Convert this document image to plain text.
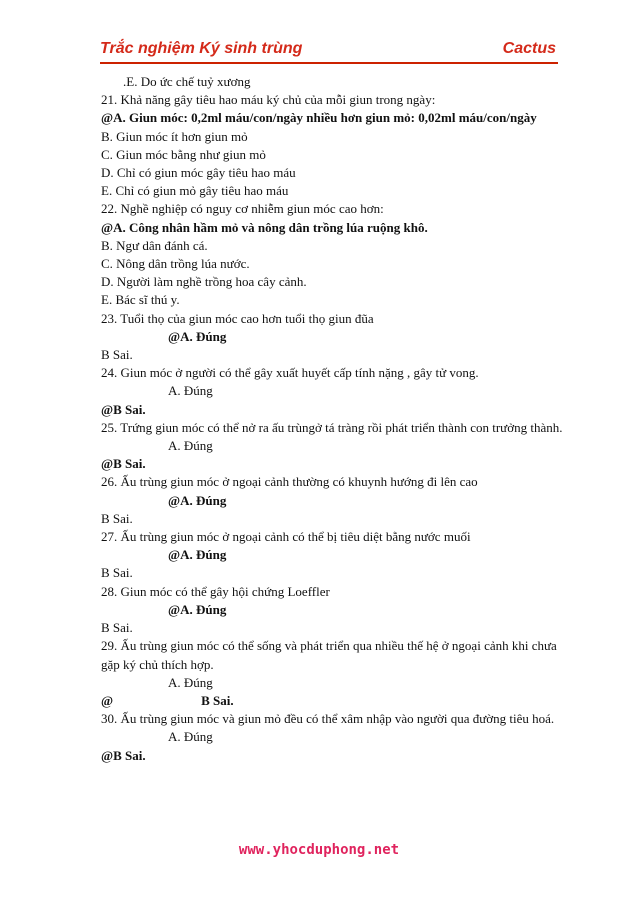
Trắc nghiệm Ký sinh trùng	Cactus
.E. Do ức chế tuỷ xương
21. Khả năng gây tiêu hao máu ký chủ của mỗi giun trong ngày:
@A. Giun móc: 0,2ml máu/con/ngày nhiều hơn giun mỏ: 0,02ml máu/con/ngày
B. Giun móc ít hơn giun mỏ
C. Giun móc bằng như giun mỏ
D. Chỉ có giun móc gây tiêu hao máu
E. Chỉ có giun mỏ gây tiêu hao máu
22. Nghề nghiệp có nguy cơ nhiễm giun móc cao hơn:
@A. Công nhân hầm mỏ và nông dân trồng lúa ruộng khô.
B. Ngư dân đánh cá.
C. Nông dân trồng lúa nước.
D. Người làm nghề trồng hoa cây cảnh.
E. Bác sĩ thú y.
23. Tuổi thọ của giun móc cao hơn tuổi thọ giun đũa
@A. Đúng
B Sai.
24. Giun móc ở người có thể gây xuất huyết cấp tính nặng , gây tử vong.
A. Đúng
@B Sai.
25. Trứng giun móc có thể nở ra ấu trùngở tá tràng rồi phát triển thành con trưởng thành.
A. Đúng
@B Sai.
26. Ấu trùng giun móc ở ngoại cảnh thường có khuynh hướng đi lên cao
@A. Đúng
B Sai.
27. Ấu trùng giun móc ở ngoại cảnh có thể bị tiêu diệt bằng nước muối
@A. Đúng
B Sai.
28. Giun móc có thể gây hội chứng Loeffler
@A. Đúng
B Sai.
29. Ấu trùng giun móc có thể sống và phát triển qua nhiều thế hệ ở ngoại cảnh khi chưa gặp ký chủ thích hợp.
A. Đúng
@	B Sai.
30. Ấu trùng giun móc và giun mỏ đều có thể xâm nhập vào người qua đường tiêu hoá.
A. Đúng
@B Sai.
www.yhocduphong.net
